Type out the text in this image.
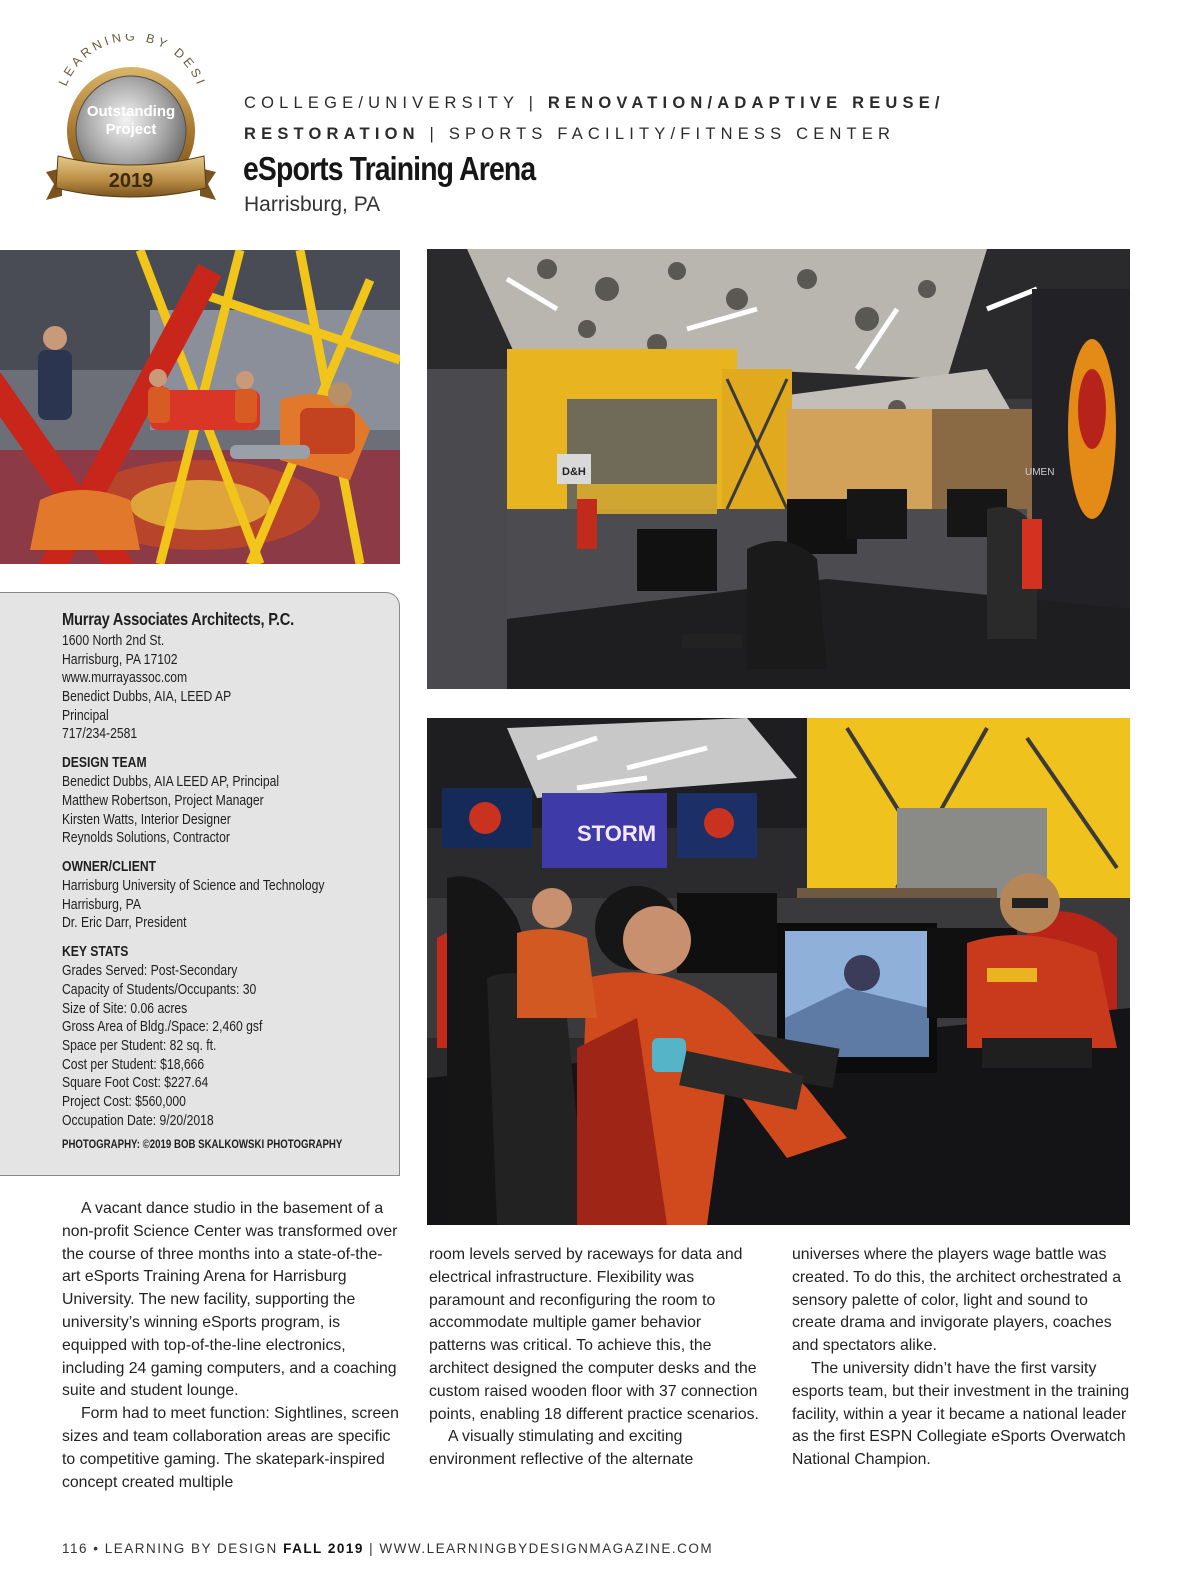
LEARNING BY DESI
Outstanding
Project
2019
COLLEGE/UNIVERSITY | RENOVATION/ADAPTIVE REUSE/
RESTORATION | SPORTS FACILITY/FITNESS CENTER
eSports Training Arena
Harrisburg, PA
D&H	UMEN
STORM
Murray Associates Architects, P.C.
1600 North 2nd St.
Harrisburg, PA 17102
www.murrayassoc.com
Benedict Dubbs, AIA, LEED AP
Principal
717/234-2581
DESIGN TEAM
Benedict Dubbs, AIA LEED AP, Principal
Matthew Robertson, Project Manager
Kirsten Watts, Interior Designer
Reynolds Solutions, Contractor
OWNER/CLIENT
Harrisburg University of Science and Technology
Harrisburg, PA
Dr. Eric Darr, President
KEY STATS
Grades Served: Post-Secondary
Capacity of Students/Occupants: 30
Size of Site: 0.06 acres
Gross Area of Bldg./Space: 2,460 gsf
Space per Student: 82 sq. ft.
Cost per Student: $18,666
Square Foot Cost: $227.64
Project Cost: $560,000
Occupation Date: 9/20/2018
PHOTOGRAPHY: ©2019 BOB SKALKOWSKI PHOTOGRAPHY

A vacant dance studio in the basement of a non-profit Science Center was transformed over the course of three months into a state-of-the-art eSports Training Arena for Harrisburg University. The new facility, supporting the university’s winning eSports program, is equipped with top-of-the-line electronics, including 24 gaming computers, and a coaching suite and student lounge.

Form had to meet function: Sightlines, screen sizes and team collaboration areas are specific to competitive gaming. The skatepark-inspired concept created multiple

room levels served by raceways for data and electrical infrastructure. Flexibility was paramount and reconfiguring the room to accommodate multiple gamer behavior patterns was critical. To achieve this, the architect designed the computer desks and the custom raised wooden floor with 37 connection points, enabling 18 different practice scenarios.

A visually stimulating and exciting environment reflective of the alternate

universes where the players wage battle was created. To do this, the architect orchestrated a sensory palette of color, light and sound to create drama and invigorate players, coaches and spectators alike.

The university didn’t have the first varsity esports team, but their investment in the training facility, within a year it became a national leader as the first ESPN Collegiate eSports Overwatch National Champion.

116 • LEARNING BY DESIGN FALL 2019 | WWW.LEARNINGBYDESIGNMAGAZINE.COM
